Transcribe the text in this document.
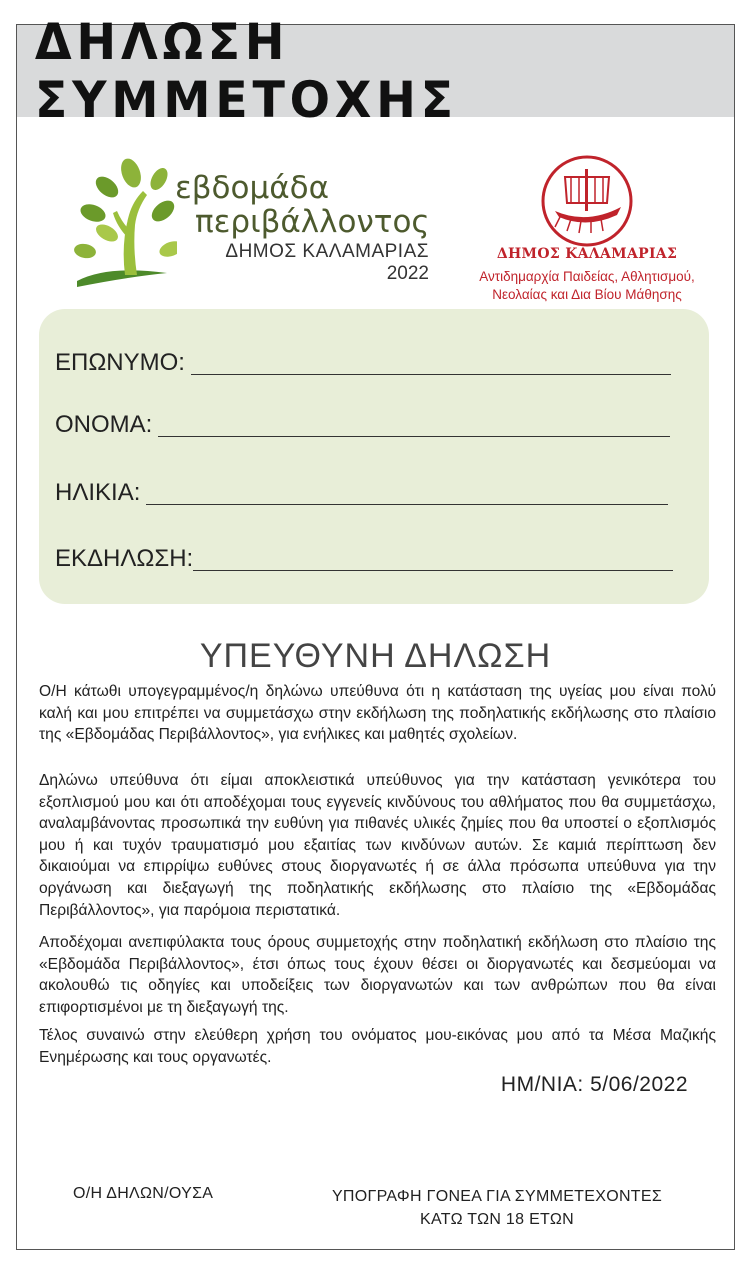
ΔΗΛΩΣΗ ΣΥΜΜΕΤΟΧΗΣ
εβδομάδα
περιβάλλοντος
ΔΗΜΟΣ ΚΑΛΑΜΑΡΙΑΣ
2022
ΔΗΜΟΣ ΚΑΛΑΜΑΡΙΑΣ
Αντιδημαρχία Παιδείας, Αθλητισμού,
Νεολαίας και Δια Βίου Μάθησης
ΕΠΩΝΥΜΟ:
ΟΝΟΜΑ:
ΗΛΙΚΙΑ:
ΕΚΔΗΛΩΣΗ:
ΥΠΕΥΘΥΝΗ ΔΗΛΩΣΗ

Ο/Η κάτωθι υπογεγραμμένος/η δηλώνω υπεύθυνα ότι η κατάσταση της υγείας μου είναι πολύ καλή και μου επιτρέπει να συμμετάσχω στην εκδήλωση της ποδηλατικής εκδήλωσης στο πλαίσιο της «Εβδομάδας Περιβάλλοντος», για ενήλικες και μαθητές σχολείων.

Δηλώνω υπεύθυνα ότι είμαι αποκλειστικά υπεύθυνος για την κατάσταση γενικότερα του εξοπλισμού μου και ότι αποδέχομαι τους εγγενείς κινδύνους του αθλήματος που θα συμμετάσχω, αναλαμβάνοντας προσωπικά την ευθύνη για πιθανές υλικές ζημίες που θα υποστεί ο εξοπλισμός μου ή και τυχόν τραυματισμό μου εξαιτίας των κινδύνων αυτών. Σε καμιά περίπτωση δεν δικαιούμαι να επιρρίψω ευθύνες στους διοργανωτές ή σε άλλα πρόσωπα υπεύθυνα για την οργάνωση και διεξαγωγή της ποδηλατικής εκδήλωσης στο πλαίσιο της «Εβδομάδας Περιβάλλοντος», για παρόμοια περιστατικά.

Αποδέχομαι ανεπιφύλακτα τους όρους συμμετοχής στην ποδηλατική εκδήλωση στο πλαίσιο της «Εβδομάδα Περιβάλλοντος», έτσι όπως τους έχουν θέσει οι διοργανωτές και δεσμεύομαι να ακολουθώ τις οδηγίες και υποδείξεις των διοργανωτών και των ανθρώπων που θα είναι επιφορτισμένοι με τη διεξαγωγή της.

Τέλος συναινώ στην ελεύθερη χρήση του ονόματος μου-εικόνας μου από τα Μέσα Μαζικής Ενημέρωσης και τους οργανωτές.

ΗΜ/ΝΙΑ: 5/06/2022
Ο/Η ΔΗΛΩΝ/ΟΥΣΑ	ΥΠΟΓΡΑΦΗ ΓΟΝΕΑ ΓΙΑ ΣΥΜΜΕΤΕΧΟΝΤΕΣ
ΚΑΤΩ ΤΩΝ 18 ΕΤΩΝ
